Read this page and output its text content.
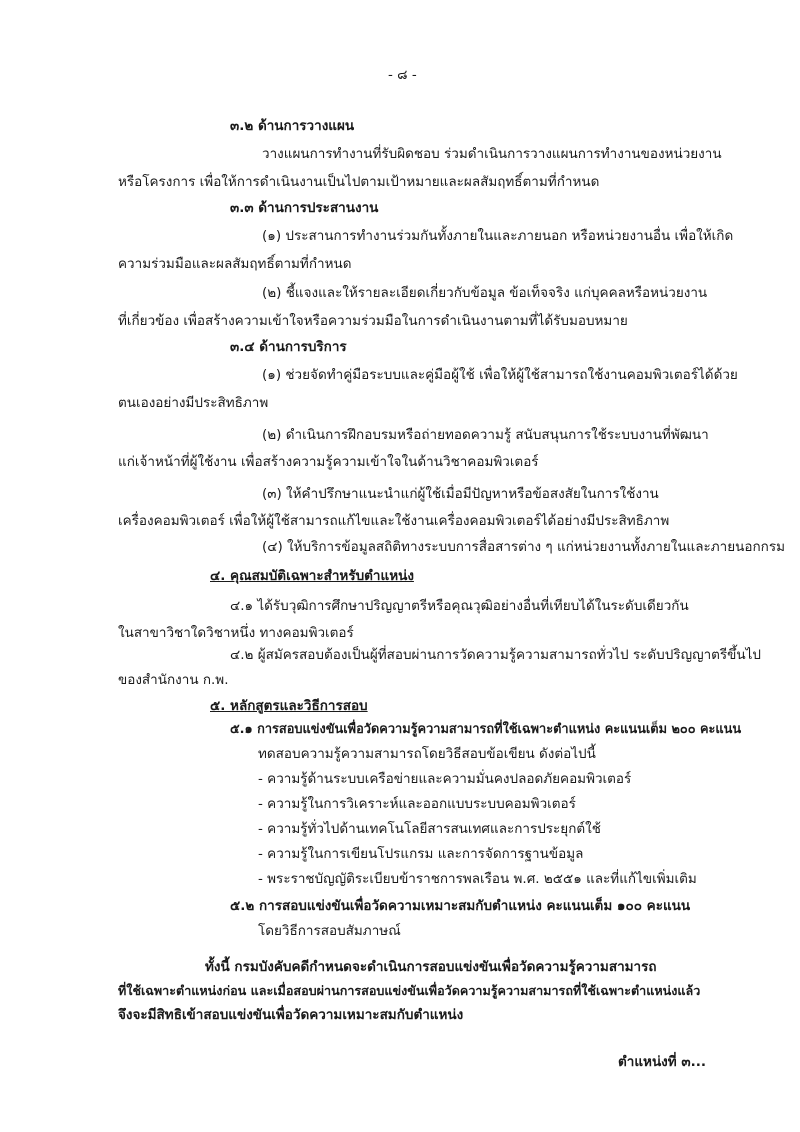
- ๘ -
๓.๒ ด้านการวางแผน
วางแผนการทำงานที่รับผิดชอบ ร่วมดำเนินการวางแผนการทำงานของหน่วยงาน
หรือโครงการ เพื่อให้การดำเนินงานเป็นไปตามเป้าหมายและผลสัมฤทธิ์ตามที่กำหนด
๓.๓ ด้านการประสานงาน
(๑) ประสานการทำงานร่วมกันทั้งภายในและภายนอก หรือหน่วยงานอื่น เพื่อให้เกิด
ความร่วมมือและผลสัมฤทธิ์ตามที่กำหนด
(๒) ชี้แจงและให้รายละเอียดเกี่ยวกับข้อมูล ข้อเท็จจริง แก่บุคคลหรือหน่วยงาน
ที่เกี่ยวข้อง เพื่อสร้างความเข้าใจหรือความร่วมมือในการดำเนินงานตามที่ได้รับมอบหมาย
๓.๔ ด้านการบริการ
(๑) ช่วยจัดทำคู่มือระบบและคู่มือผู้ใช้ เพื่อให้ผู้ใช้สามารถใช้งานคอมพิวเตอร์ได้ด้วย
ตนเองอย่างมีประสิทธิภาพ
(๒) ดำเนินการฝึกอบรมหรือถ่ายทอดความรู้ สนับสนุนการใช้ระบบงานที่พัฒนา
แก่เจ้าหน้าที่ผู้ใช้งาน เพื่อสร้างความรู้ความเข้าใจในด้านวิชาคอมพิวเตอร์
(๓) ให้คำปรึกษาแนะนำแก่ผู้ใช้เมื่อมีปัญหาหรือข้อสงสัยในการใช้งาน
เครื่องคอมพิวเตอร์ เพื่อให้ผู้ใช้สามารถแก้ไขและใช้งานเครื่องคอมพิวเตอร์ได้อย่างมีประสิทธิภาพ
(๔) ให้บริการข้อมูลสถิติทางระบบการสื่อสารต่าง ๆ แก่หน่วยงานทั้งภายในและภายนอกกรม
๔. คุณสมบัติเฉพาะสำหรับตำแหน่ง
๔.๑ ได้รับวุฒิการศึกษาปริญญาตรีหรือคุณวุฒิอย่างอื่นที่เทียบได้ในระดับเดียวกัน
ในสาขาวิชาใดวิชาหนึ่ง ทางคอมพิวเตอร์
๔.๒ ผู้สมัครสอบต้องเป็นผู้ที่สอบผ่านการวัดความรู้ความสามารถทั่วไป ระดับปริญญาตรีขึ้นไป
ของสำนักงาน ก.พ.
๕. หลักสูตรและวิธีการสอบ
๕.๑ การสอบแข่งขันเพื่อวัดความรู้ความสามารถที่ใช้เฉพาะตำแหน่ง คะแนนเต็ม ๒๐๐ คะแนน
ทดสอบความรู้ความสามารถโดยวิธีสอบข้อเขียน ดังต่อไปนี้
- ความรู้ด้านระบบเครือข่ายและความมั่นคงปลอดภัยคอมพิวเตอร์
- ความรู้ในการวิเคราะห์และออกแบบระบบคอมพิวเตอร์
- ความรู้ทั่วไปด้านเทคโนโลยีสารสนเทศและการประยุกต์ใช้
- ความรู้ในการเขียนโปรแกรม และการจัดการฐานข้อมูล
- พระราชบัญญัติระเบียบข้าราชการพลเรือน พ.ศ. ๒๕๕๑ และที่แก้ไขเพิ่มเติม
๕.๒ การสอบแข่งขันเพื่อวัดความเหมาะสมกับตำแหน่ง คะแนนเต็ม ๑๐๐ คะแนน
โดยวิธีการสอบสัมภาษณ์
ทั้งนี้ กรมบังคับคดีกำหนดจะดำเนินการสอบแข่งขันเพื่อวัดความรู้ความสามารถ
ที่ใช้เฉพาะตำแหน่งก่อน และเมื่อสอบผ่านการสอบแข่งขันเพื่อวัดความรู้ความสามารถที่ใช้เฉพาะตำแหน่งแล้ว
จึงจะมีสิทธิเข้าสอบแข่งขันเพื่อวัดความเหมาะสมกับตำแหน่ง
ตำแหน่งที่ ๓...
